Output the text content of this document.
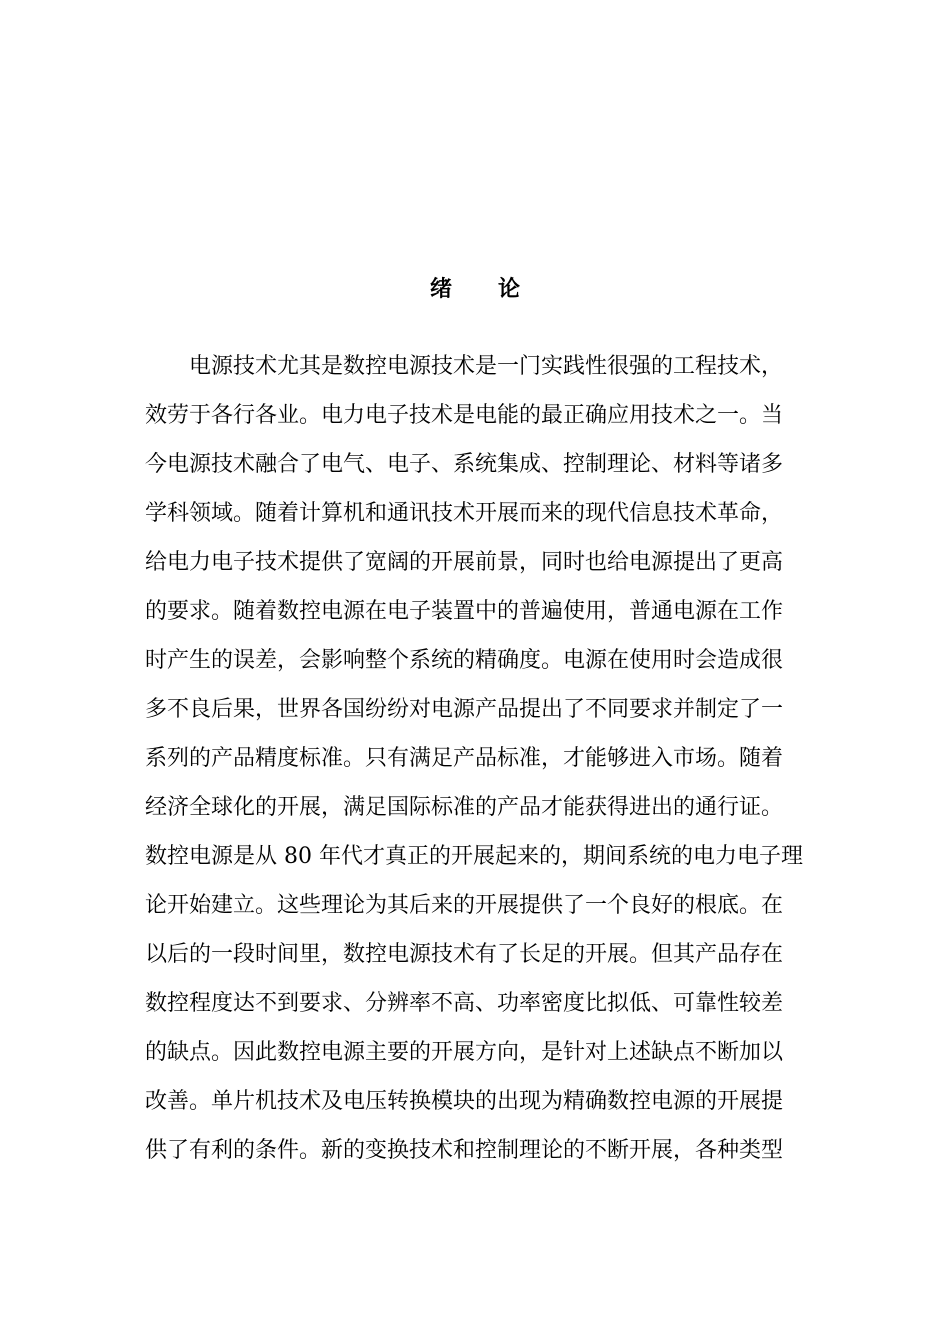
绪 论
　　电源技术尤其是数控电源技术是一门实践性很强的工程技术，
效劳于各行各业。电力电子技术是电能的最正确应用技术之一。当
今电源技术融合了电气、电子、系统集成、控制理论、材料等诸多
学科领域。随着计算机和通讯技术开展而来的现代信息技术革命，
给电力电子技术提供了宽阔的开展前景，同时也给电源提出了更高
的要求。随着数控电源在电子装置中的普遍使用，普通电源在工作
时产生的误差，会影响整个系统的精确度。电源在使用时会造成很
多不良后果，世界各国纷纷对电源产品提出了不同要求并制定了一
系列的产品精度标准。只有满足产品标准，才能够进入市场。随着
经济全球化的开展，满足国际标准的产品才能获得进出的通行证。
数控电源是从 80 年代才真正的开展起来的，期间系统的电力电子理
论开始建立。这些理论为其后来的开展提供了一个良好的根底。在
以后的一段时间里，数控电源技术有了长足的开展。但其产品存在
数控程度达不到要求、分辨率不高、功率密度比拟低、可靠性较差
的缺点。因此数控电源主要的开展方向，是针对上述缺点不断加以
改善。单片机技术及电压转换模块的出现为精确数控电源的开展提
供了有利的条件。新的变换技术和控制理论的不断开展，各种类型
